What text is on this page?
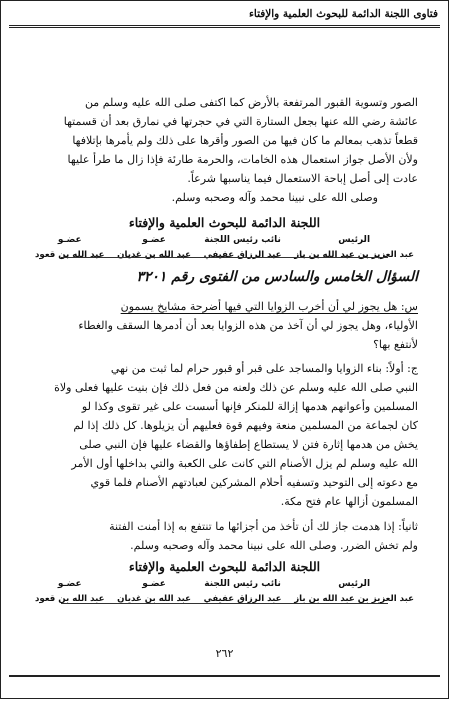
فتاوى اللجنة الدائمة للبحوث العلمية والإفتاء
الصور وتسوية القبور المرتفعة بالأرض كما اكتفى صلى الله عليه وسلم من
عائشة رضي الله عنها بجعل الستارة التي في حجرتها في نمارق بعد أن قسمتها
قطعاً تذهب بمعالم ما كان فيها من الصور وأقرها على ذلك ولم يأمرها بإتلافها
ولأن الأصل جواز استعمال هذه الخامات، والحرمة طارئة فإذا زال ما طرأ عليها
عادت إلى أصل إباحة الاستعمال فيما يناسبها شرعاً.
وصلى الله على نبينا محمد وآله وصحبه وسلم.
اللجنة الدائمة للبحوث العلمية والإفتاء
عضـو
عبد الله بن قعود
عضـو
عبد الله بن غديان
نائب رئيس اللجنة
عبد الرزاق عفيفي
الرئيس
عبد العزيز بن عبد الله بن باز
السؤال الخامس والسادس من الفتوى رقم ٣٢٠١
س: هل يجوز لي أن أخرب الزوايا التي فيها أضرحة مشايخ يسمون
الأولياء، وهل يجوز لي أن آخذ من هذه الزوايا بعد أن أدمرها السقف والغطاء
لأنتفع بها؟
ج: أولاً: بناء الزوايا والمساجد على قبر أو قبور حرام لما ثبت من نهي
النبي صلى الله عليه وسلم عن ذلك ولعنه من فعل ذلك فإن بنيت عليها فعلى ولاة
المسلمين وأعوانهم هدمها إزالة للمنكر فإنها أسست على غير تقوى وكذا لو
كان لجماعة من المسلمين منعة وفيهم قوة فعليهم أن يزيلوها. كل ذلك إذا لم
يخش من هدمها إثارة فتن لا يستطاع إطفاؤها والقضاء عليها فإن النبي صلى
الله عليه وسلم لم يزل الأصنام التي كانت على الكعبة والتي بداخلها أول الأمر
مع دعوته إلى التوحيد وتسفيه أحلام المشركين لعبادتهم الأصنام فلما قوي
المسلمون أزالها عام فتح مكة.
ثانياً: إذا هدمت جاز لك أن تأخذ من أجزائها ما تنتفع به إذا أمنت الفتنة
ولم تخش الضرر. وصلى الله على نبينا محمد وآله وصحبه وسلم.
اللجنة الدائمة للبحوث العلمية والإفتاء
عضـو
عبد الله بن قعود
عضـو
عبد الله بن غديان
نائب رئيس اللجنة
عبد الرزاق عفيفي
الرئيس
عبد العزيز بن عبد الله بن باز
٢٦٢
